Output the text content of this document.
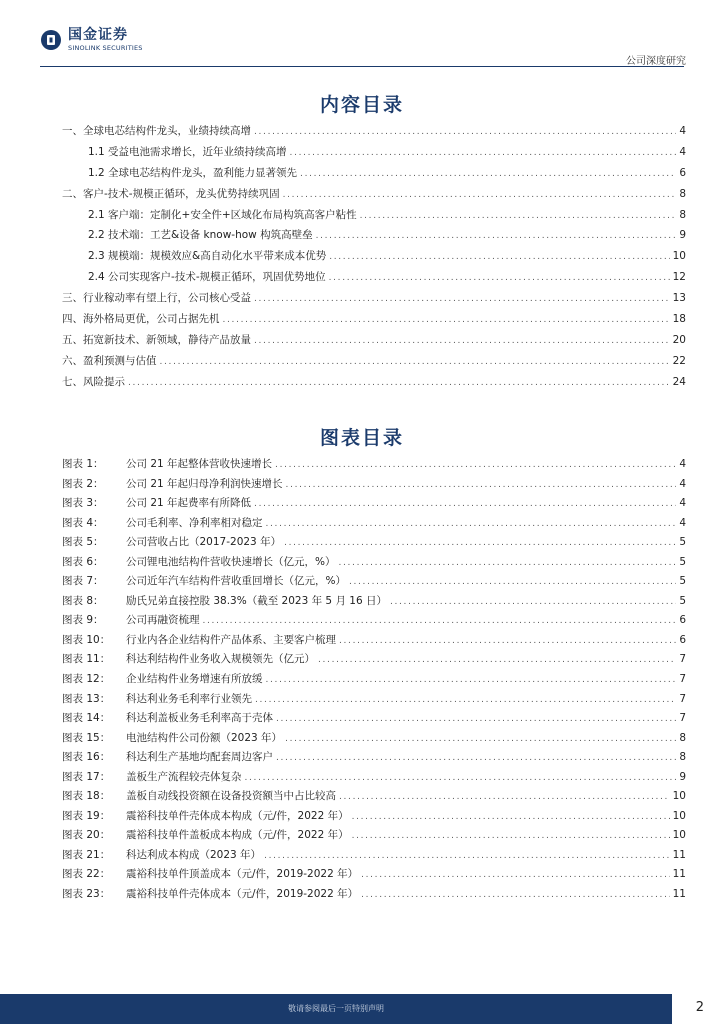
国金证券
SINOLINK SECURITIES
公司深度研究
内容目录
一、全球电芯结构件龙头，业绩持续高增 . . .	4
1.1 受益电池需求增长，近年业绩持续高增 . . .	4
1.2 全球电芯结构件龙头，盈利能力显著领先 . . .	6
二、客户-技术-规模正循环，龙头优势持续巩固 . . .	8
2.1 客户端：定制化+安全件+区域化布局构筑高客户粘性 . . .	8
2.2 技术端：工艺&设备 know-how 构筑高壁垒 . . .	9
2.3 规模端：规模效应&高自动化水平带来成本优势 . . .	10
2.4 公司实现客户-技术-规模正循环，巩固优势地位 . . .	12
三、行业稼动率有望上行，公司核心受益 . . .	13
四、海外格局更优，公司占据先机 . . .	18
五、拓宽新技术、新领域，静待产品放量 . . .	20
六、盈利预测与估值 . . .	22
七、风险提示 . . .	24
图表目录
图表 1：	公司 21 年起整体营收快速增长 . . .	4
图表 2：	公司 21 年起归母净利润快速增长 . . .	4
图表 3：	公司 21 年起费率有所降低 . . .	4
图表 4：	公司毛利率、净利率相对稳定 . . .	4
图表 5：	公司营收占比（2017-2023 年） . . .	5
图表 6：	公司锂电池结构件营收快速增长（亿元，%） . . .	5
图表 7：	公司近年汽车结构件营收重回增长（亿元，%） . . .	5
图表 8：	励氏兄弟直接控股 38.3%（截至 2023 年 5 月 16 日） . . .	5
图表 9：	公司再融资梳理 . . .	6
图表 10：	行业内各企业结构件产品体系、主要客户梳理 . . .	6
图表 11：	科达利结构件业务收入规模领先（亿元） . . .	7
图表 12：	企业结构件业务增速有所放缓 . . .	7
图表 13：	科达利业务毛利率行业领先 . . .	7
图表 14：	科达利盖板业务毛利率高于壳体 . . .	7
图表 15：	电池结构件公司份额（2023 年） . . .	8
图表 16：	科达利生产基地均配套周边客户 . . .	8
图表 17：	盖板生产流程较壳体复杂 . . .	9
图表 18：	盖板自动线投资额在设备投资额当中占比较高 . . .	10
图表 19：	震裕科技单件壳体成本构成（元/件，2022 年） . . .	10
图表 20：	震裕科技单件盖板成本构成（元/件，2022 年） . . .	10
图表 21：	科达利成本构成（2023 年） . . .	11
图表 22：	震裕科技单件顶盖成本（元/件，2019-2022 年） . . .	11
图表 23：	震裕科技单件壳体成本（元/件，2019-2022 年） . . .	11
敬请参阅最后一页特别声明	2
